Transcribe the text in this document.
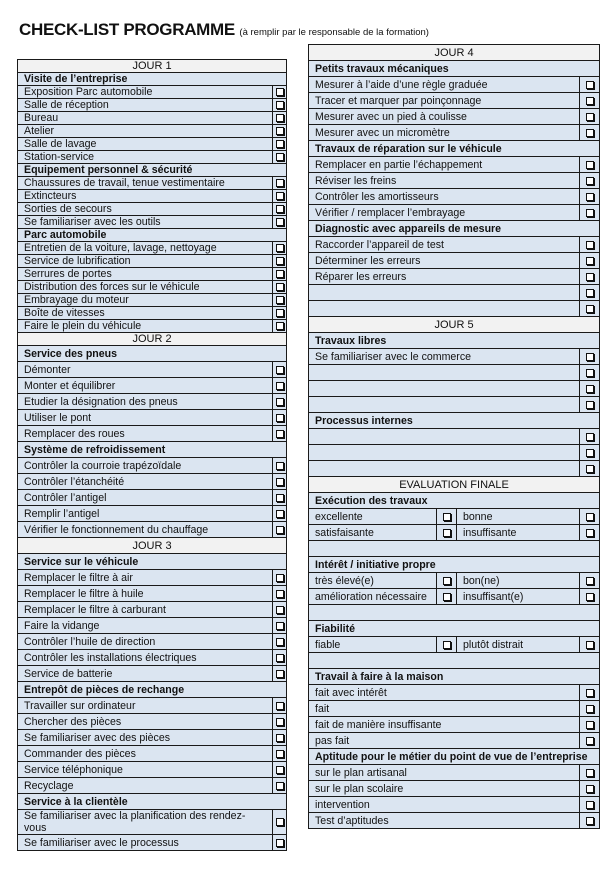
CHECK-LIST PROGRAMME (à remplir par le responsable de la formation)
JOUR 1	
Visite de l’entreprise	
Exposition Parc automobile	
Salle de réception	
Bureau	
Atelier	
Salle de lavage	
Station-service	
Equipement personnel & sécurité	
Chaussures de travail, tenue vestimentaire	
Extincteurs	
Sorties de secours	
Se familiariser avec les outils	
Parc automobile	
Entretien de la voiture, lavage, nettoyage	
Service de lubrification	
Serrures de portes	
Distribution des forces sur le véhicule	
Embrayage du moteur	
Boîte de vitesses	
Faire le plein du véhicule	
JOUR 2	
Service des pneus	
Démonter	
Monter et équilibrer	
Etudier la désignation des pneus	
Utiliser le pont	
Remplacer des roues	
Système de refroidissement	
Contrôler la courroie trapézoïdale	
Contrôler l’étanchéité	
Contrôler l’antigel	
Remplir l’antigel	
Vérifier le fonctionnement du chauffage	
JOUR 3	
Service sur le véhicule	
Remplacer le filtre à air	
Remplacer le filtre à huile	
Remplacer le filtre à carburant	
Faire la vidange	
Contrôler l’huile de direction	
Contrôler les installations électriques	
Service de batterie	
Entrepôt de pièces de rechange	
Travailler sur ordinateur	
Chercher des pièces	
Se familiariser avec des pièces	
Commander des pièces	
Service téléphonique	
Recyclage	
Service à la clientèle	
Se familiariser avec la planification des rendez-vous	
Se familiariser avec le processus	
JOUR 4	
Petits travaux mécaniques	
Mesurer à l’aide d’une règle graduée	
Tracer et marquer par poinçonnage	
Mesurer avec un pied à coulisse	
Mesurer avec un micromètre	
Travaux de réparation sur le véhicule	
Remplacer en partie l’échappement	
Réviser les freins	
Contrôler les amortisseurs	
Vérifier / remplacer l’embrayage	
Diagnostic avec appareils de mesure	
Raccorder l’appareil de test	
Déterminer les erreurs	
Réparer les erreurs	

JOUR 5	
Travaux libres	
Se familiariser avec le commerce	

Processus internes	

EVALUATION FINALE			
Exécution des travaux			
excellente		bonne	
satisfaisante		insuffisante	

Intérêt / initiative propre			
très élevé(e)		bon(ne)	
amélioration nécessaire		insuffisant(e)	

Fiabilité			
fiable		plutôt distrait	

Travail à faire à la maison			
fait avec intérêt			
fait			
fait de manière insuffisante			
pas fait			
Aptitude pour le métier du point de vue de l’entreprise			
sur le plan artisanal			
sur le plan scolaire			
intervention			
Test d’aptitudes			
